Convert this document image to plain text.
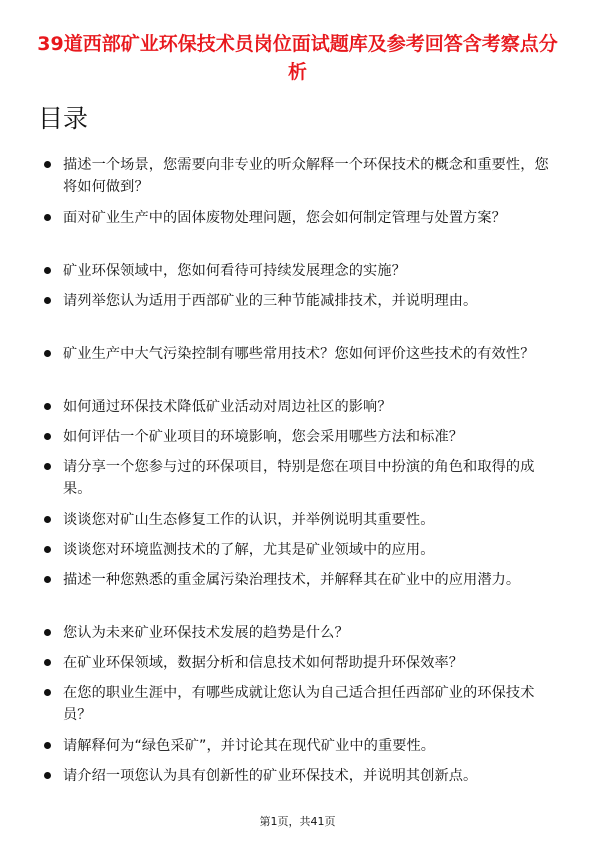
39道西部矿业环保技术员岗位面试题库及参考回答含考察点分析
目录
描述一个场景，您需要向非专业的听众解释一个环保技术的概念和重要性，您将如何做到？
面对矿业生产中的固体废物处理问题，您会如何制定管理与处置方案？
矿业环保领域中，您如何看待可持续发展理念的实施？
请列举您认为适用于西部矿业的三种节能减排技术，并说明理由。
矿业生产中大气污染控制有哪些常用技术？您如何评价这些技术的有效性？
如何通过环保技术降低矿业活动对周边社区的影响？
如何评估一个矿业项目的环境影响，您会采用哪些方法和标准？
请分享一个您参与过的环保项目，特别是您在项目中扮演的角色和取得的成果。
谈谈您对矿山生态修复工作的认识，并举例说明其重要性。
谈谈您对环境监测技术的了解，尤其是矿业领域中的应用。
描述一种您熟悉的重金属污染治理技术，并解释其在矿业中的应用潜力。
您认为未来矿业环保技术发展的趋势是什么？
在矿业环保领域，数据分析和信息技术如何帮助提升环保效率？
在您的职业生涯中，有哪些成就让您认为自己适合担任西部矿业的环保技术员？
请解释何为“绿色采矿”，并讨论其在现代矿业中的重要性。
请介绍一项您认为具有创新性的矿业环保技术，并说明其创新点。
第1页，共41页
